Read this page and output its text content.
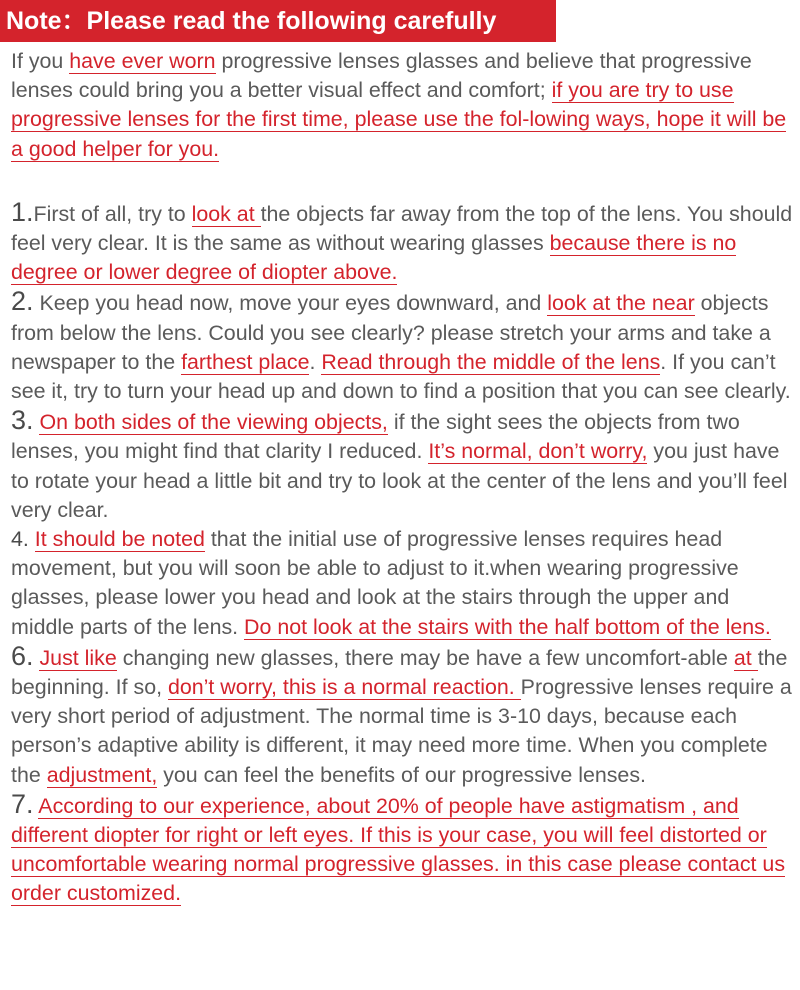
Note：Please read the following carefully

If you have ever worn progressive lenses glasses and believe that progressive lenses could bring you a better visual effect and comfort; if you are try to use progressive lenses for the first time, please use the fol-lowing ways, hope it will be a good helper for you.

1.First of all, try to look at the objects far away from the top of the lens. You should feel very clear. It is the same as without wearing glasses because there is no degree or lower degree of diopter above.

2. Keep you head now, move your eyes downward, and look at the near objects from below the lens. Could you see clearly? please stretch your arms and take a newspaper to the farthest place. Read through the middle of the lens. If you can’t see it, try to turn your head up and down to find a position that you can see clearly.

3. On both sides of the viewing objects, if the sight sees the objects from two lenses, you might find that clarity I reduced. It’s normal, don’t worry, you just have to rotate your head a little bit and try to look at the center of the lens and you’ll feel very clear.

4. It should be noted that the initial use of progressive lenses requires head movement, but you will soon be able to adjust to it.when wearing progressive glasses, please lower you head and look at the stairs through the upper and middle parts of the lens. Do not look at the stairs with the half bottom of the lens.

6. Just like changing new glasses, there may be have a few uncomfort-able at the beginning. If so, don’t worry, this is a normal reaction. Progressive lenses require a very short period of adjustment. The normal time is 3-10 days, because each person’s adaptive ability is different, it may need more time. When you complete the adjustment, you can feel the benefits of our progressive lenses.

7. According to our experience, about 20% of people have astigmatism , and different diopter for right or left eyes. If this is your case, you will feel distorted or uncomfortable wearing normal progressive glasses. in this case please contact us order customized.
